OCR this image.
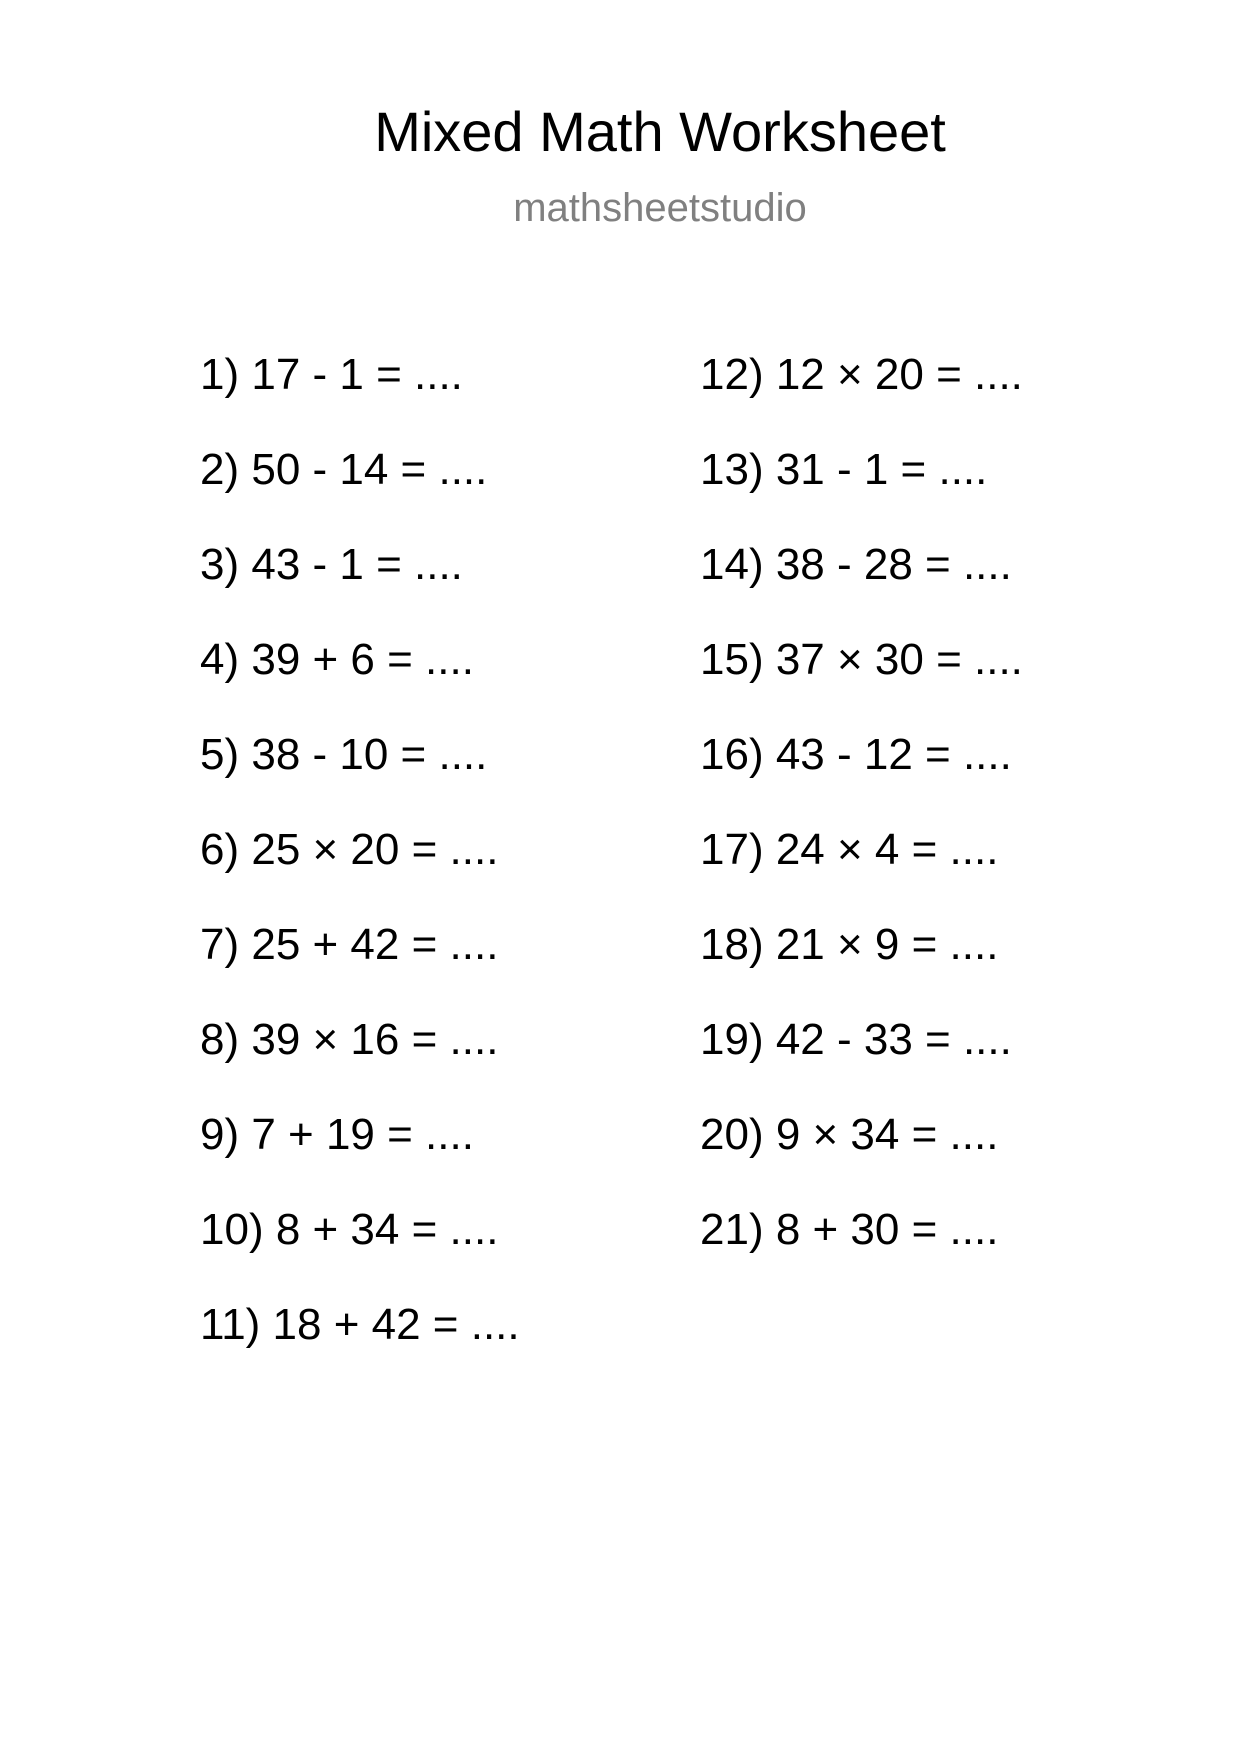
Mixed Math Worksheet
mathsheetstudio
1) 17 - 1 = ....
2) 50 - 14 = ....
3) 43 - 1 = ....
4) 39 + 6 = ....
5) 38 - 10 = ....
6) 25 × 20 = ....
7) 25 + 42 = ....
8) 39 × 16 = ....
9) 7 + 19 = ....
10) 8 + 34 = ....
11) 18 + 42 = ....
12) 12 × 20 = ....
13) 31 - 1 = ....
14) 38 - 28 = ....
15) 37 × 30 = ....
16) 43 - 12 = ....
17) 24 × 4 = ....
18) 21 × 9 = ....
19) 42 - 33 = ....
20) 9 × 34 = ....
21) 8 + 30 = ....
